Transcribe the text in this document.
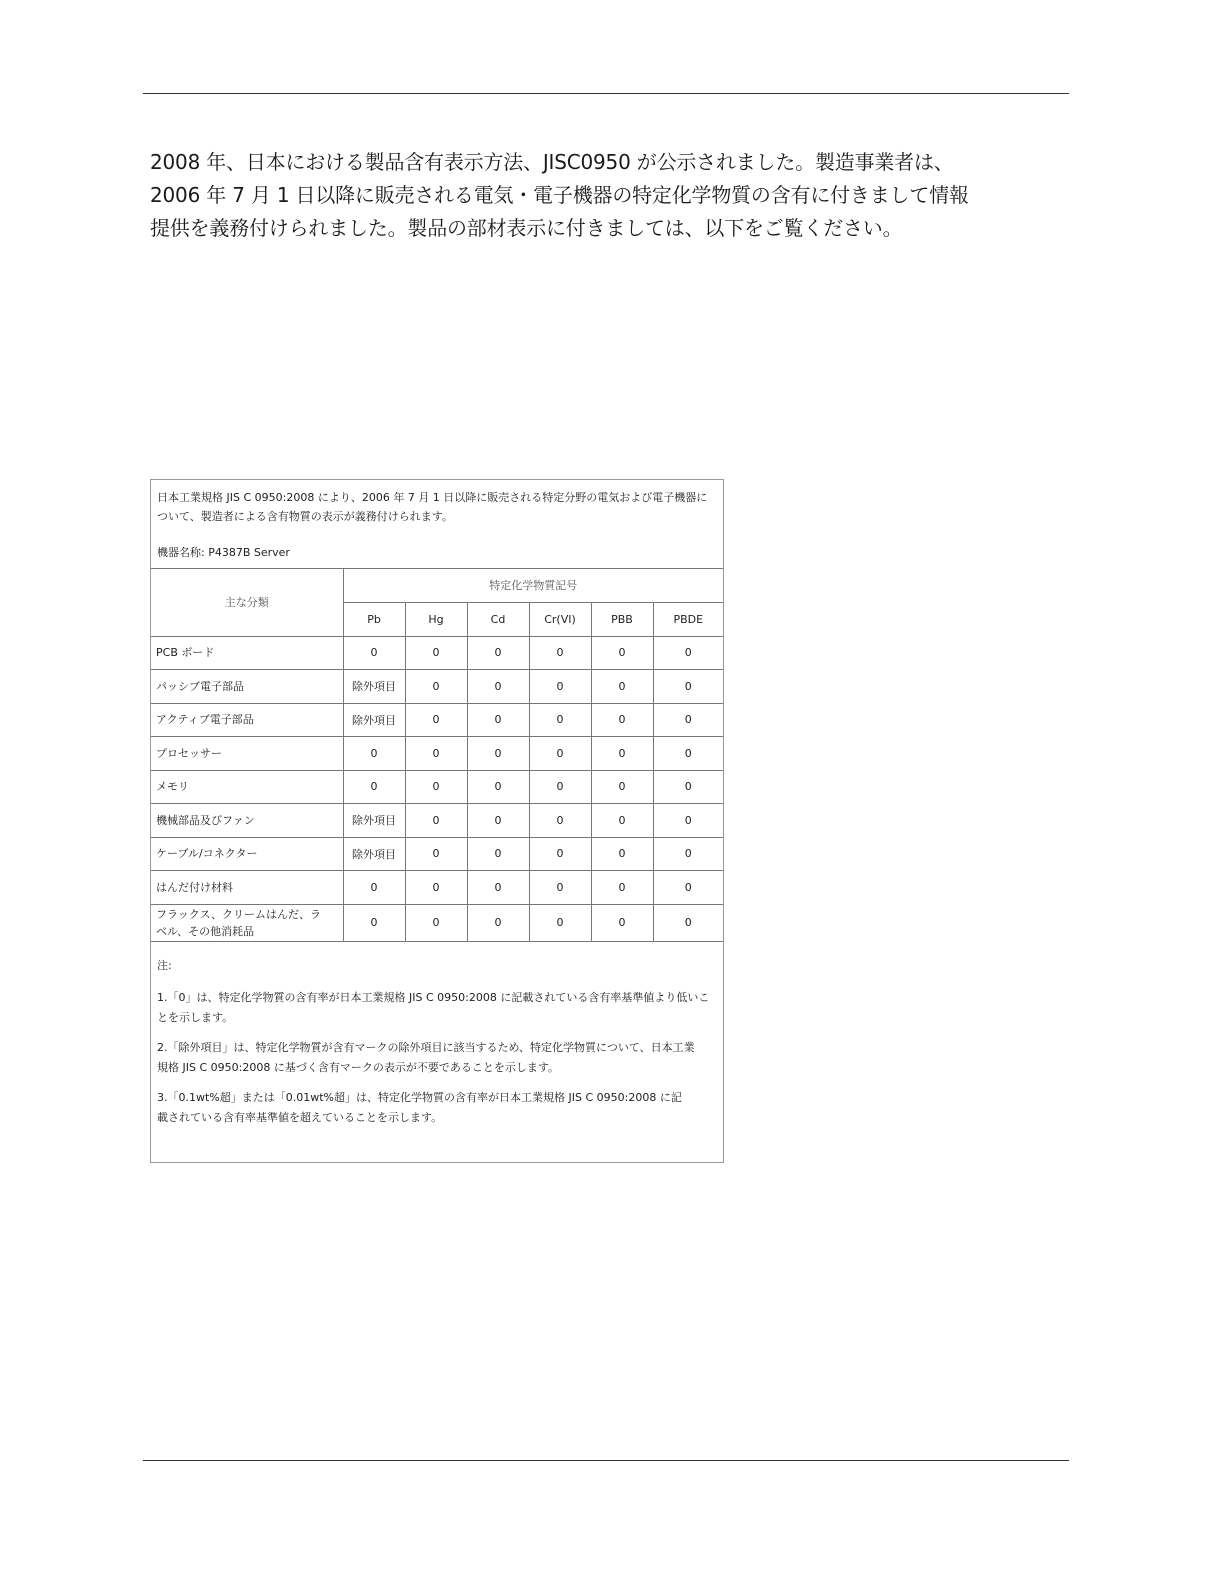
2008 年、日本における製品含有表示方法、JISC0950 が公示されました。製造事業者は、

2006 年 7 月 1 日以降に販売される電気・電子機器の特定化学物質の含有に付きまして情報

提供を義務付けられました。製品の部材表示に付きましては、以下をご覧ください。

日本工業規格 JIS C 0950:2008 により、2006 年 7 月 1 日以降に販売される特定分野の電気および電子機器に

ついて、製造者による含有物質の表示が義務付けられます。

機器名称: P4387B Server

主な分類	特定化学物質記号					
	Pb	Hg	Cd	Cr(VI)	PBB	PBDE
PCB ボード	0	0	0	0	0	0
パッシブ電子部品	除外項目	0	0	0	0	0
アクティブ電子部品	除外項目	0	0	0	0	0
プロセッサー	0	0	0	0	0	0
メモリ	0	0	0	0	0	0
機械部品及びファン	除外項目	0	0	0	0	0
ケーブル/コネクター	除外項目	0	0	0	0	0
はんだ付け材料	0	0	0	0	0	0

フラックス、クリームはんだ、ラ
ベル、その他消耗品	0	0	0	0	0	0

注:

1.「0」は、特定化学物質の含有率が日本工業規格 JIS C 0950:2008 に記載されている含有率基準値より低いこ
とを示します。

2.「除外項目」は、特定化学物質が含有マークの除外項目に該当するため、特定化学物質について、日本工業
規格 JIS C 0950:2008 に基づく含有マークの表示が不要であることを示します。

3.「0.1wt%超」または「0.01wt%超」は、特定化学物質の含有率が日本工業規格 JIS C 0950:2008 に記
載されている含有率基準値を超えていることを示します。
